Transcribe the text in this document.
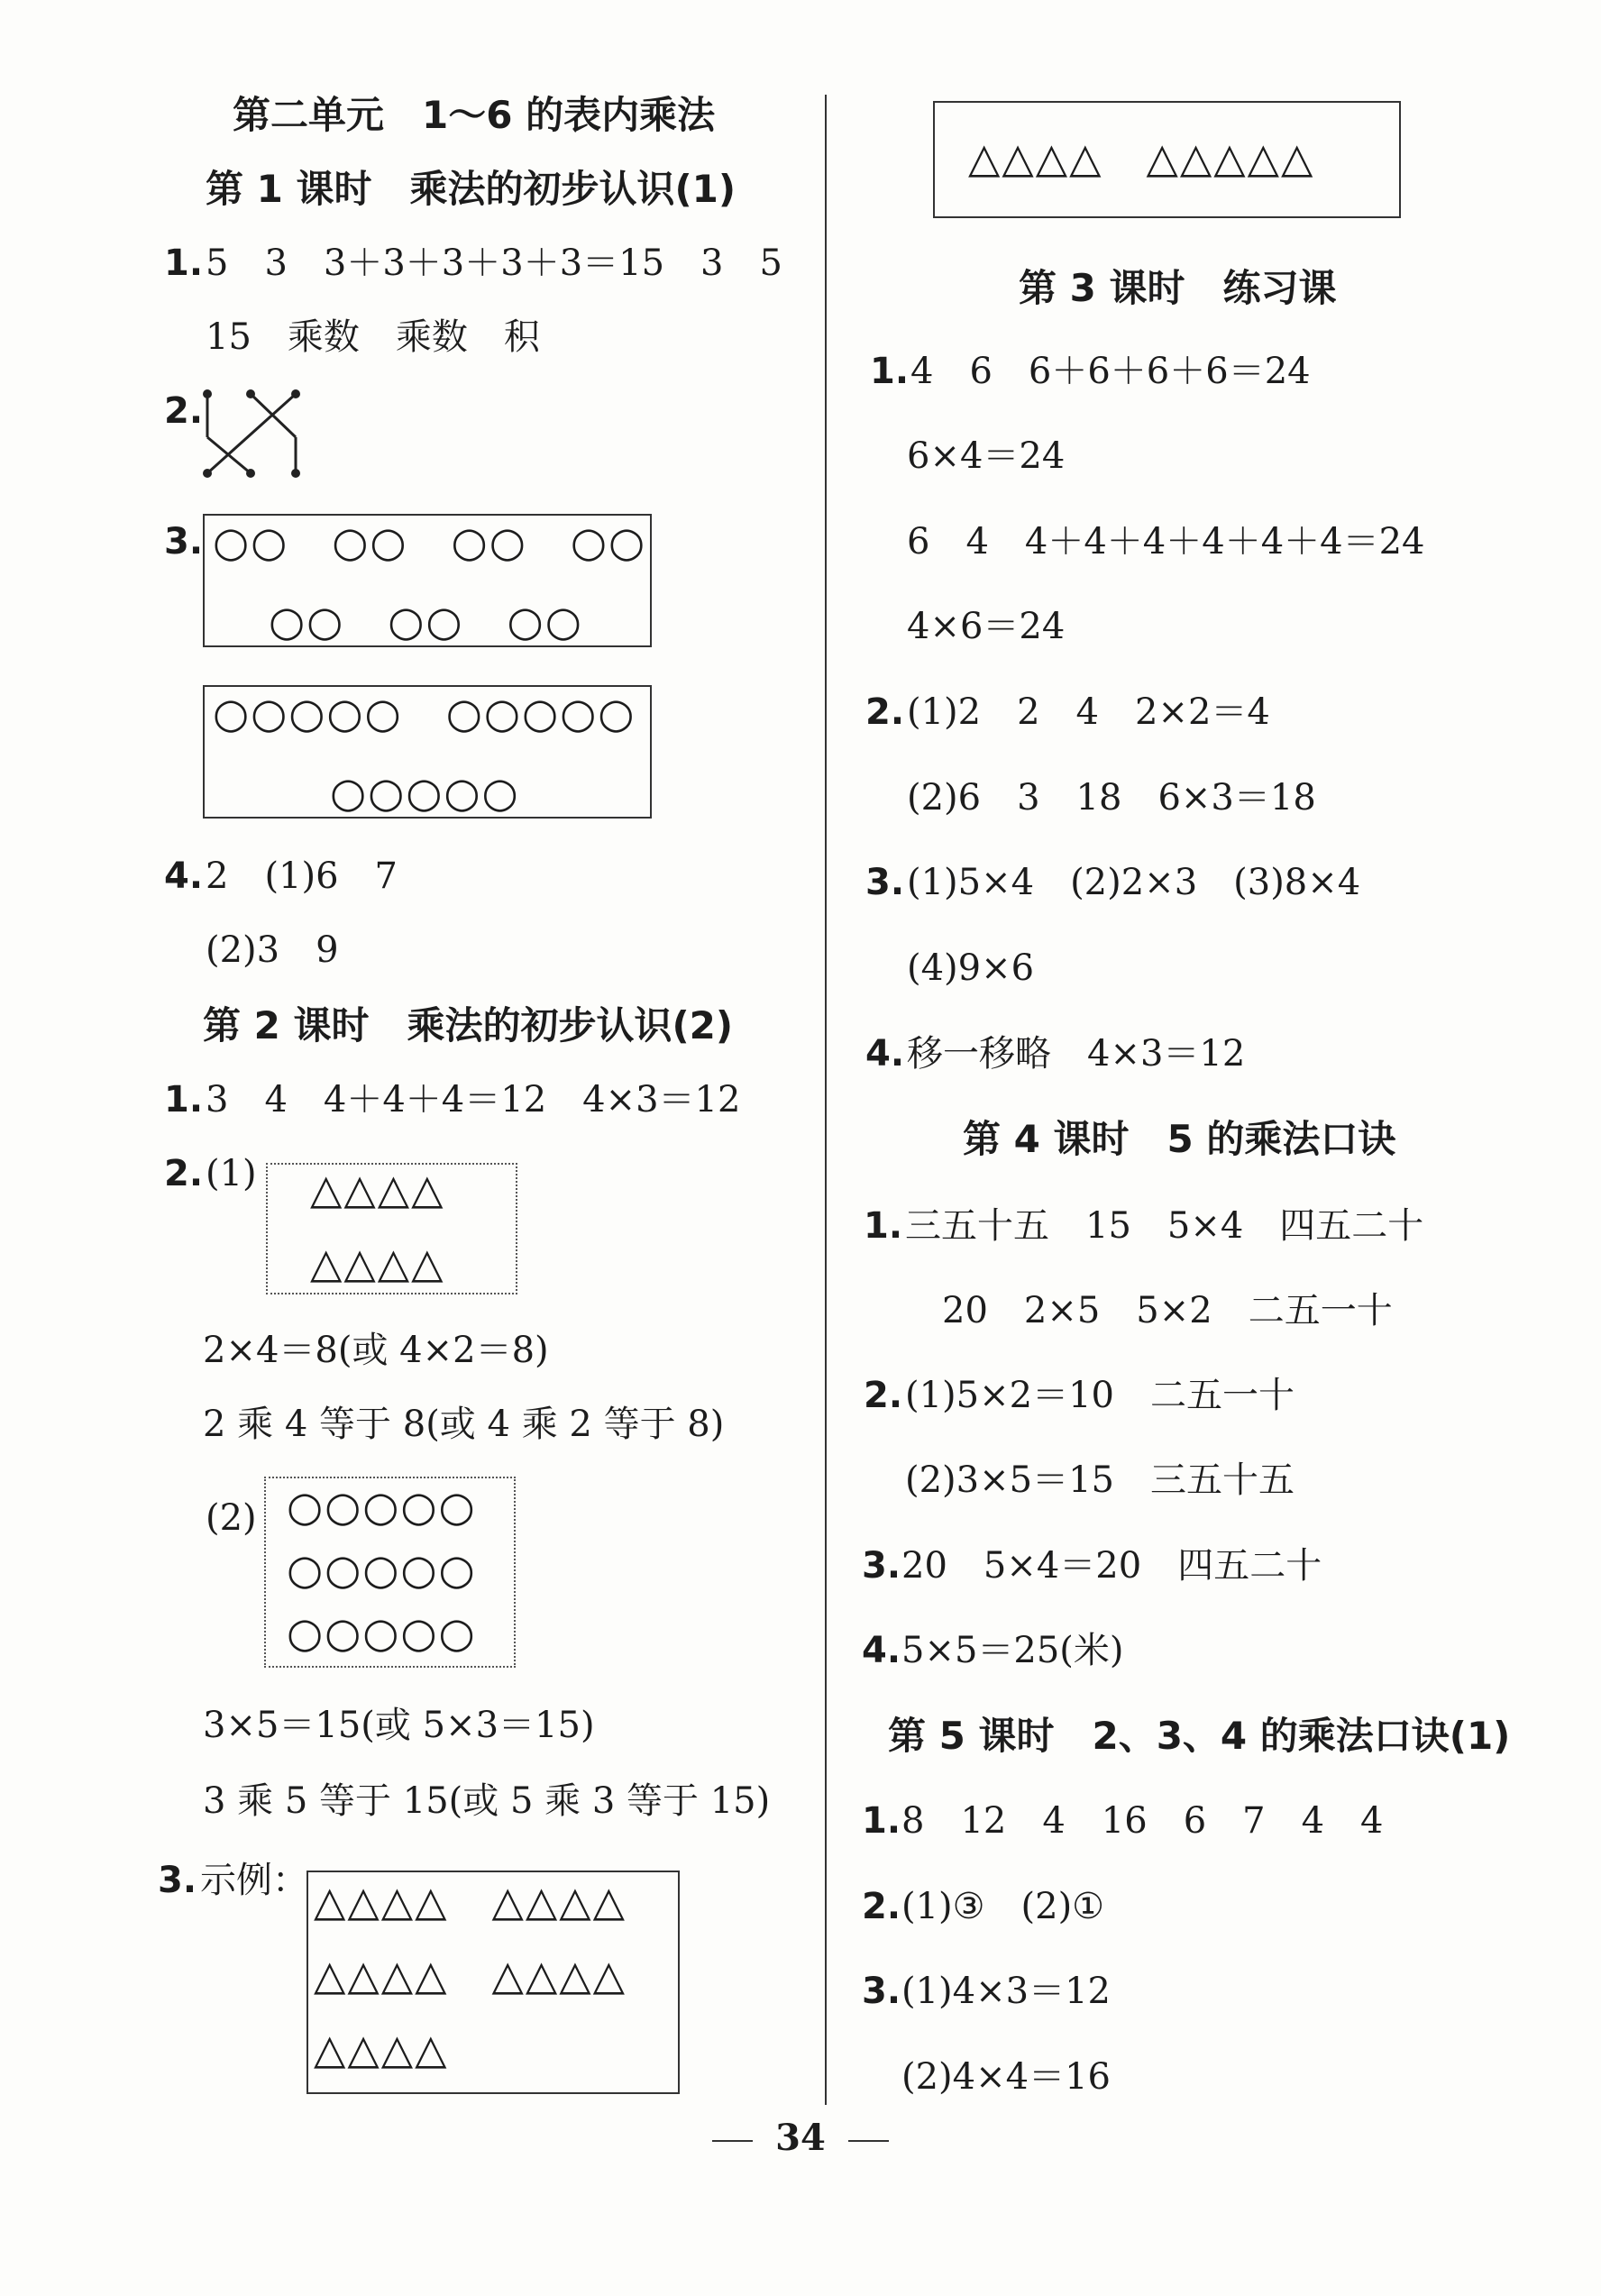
第二单元　1～6 的表内乘法
第 1 课时　乘法的初步认识(1)
1. 5　3　3＋3＋3＋3＋3＝15　3　5
15　乘数　乘数　积
2.
3. ○○　○○　○○　○○
○○　○○　○○
○○○○○　○○○○○
○○○○○
4. 2　(1)6　7
(2)3　9
第 2 课时　乘法的初步认识(2)
1. 3　4　4＋4＋4＝12　4×3＝12
2. (1) △△△△
△△△△
2×4＝8(或 4×2＝8)
2 乘 4 等于 8(或 4 乘 2 等于 8)
(2) ○○○○○
○○○○○
○○○○○
3×5＝15(或 5×3＝15)
3 乘 5 等于 15(或 5 乘 3 等于 15)
3. 示例： △△△△　△△△△
△△△△　△△△△
△△△△
△△△△　△△△△△
第 3 课时　练习课
1. 4　6　6＋6＋6＋6＝24
6×4＝24
6　4　4＋4＋4＋4＋4＋4＝24
4×6＝24
2. (1)2　2　4　2×2＝4
(2)6　3　18　6×3＝18
3. (1)5×4　(2)2×3　(3)8×4
(4)9×6
4. 移一移略　4×3＝12
第 4 课时　5 的乘法口诀
1. 三五十五　15　5×4　四五二十
20　2×5　5×2　二五一十
2. (1)5×2＝10　二五一十
(2)3×5＝15　三五十五
3. 20　5×4＝20　四五二十
4. 5×5＝25(米)
第 5 课时　2、3、4 的乘法口诀(1)
1. 8　12　4　16　6　7　4　4
2. (1)③　(2)①
3. (1)4×3＝12
(2)4×4＝16
34
